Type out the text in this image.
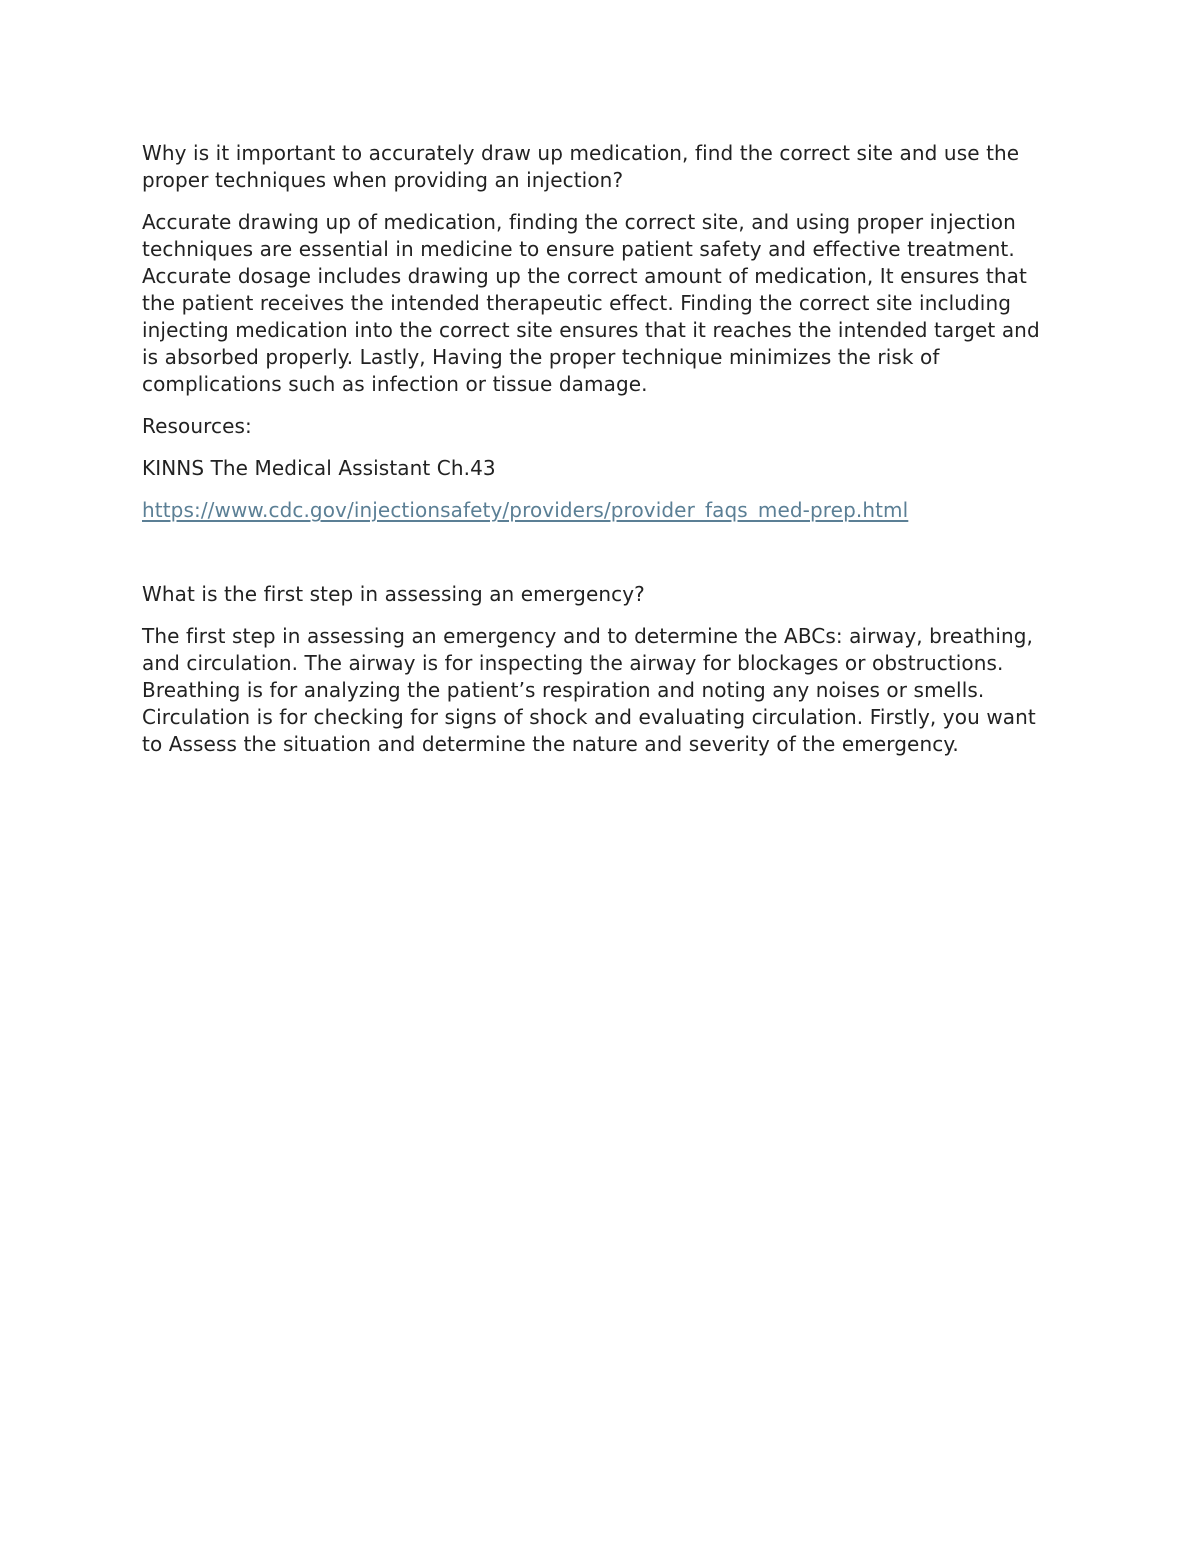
Why is it important to accurately draw up medication, find the correct site and use the proper techniques when providing an injection?

Accurate drawing up of medication, finding the correct site, and using proper injection techniques are essential in medicine to ensure patient safety and effective treatment. Accurate dosage includes drawing up the correct amount of medication, It ensures that the patient receives the intended therapeutic effect. Finding the correct site including injecting medication into the correct site ensures that it reaches the intended target and is absorbed properly. Lastly, Having the proper technique minimizes the risk of complications such as infection or tissue damage.

Resources:

KINNS The Medical Assistant Ch.43

https://www.cdc.gov/injectionsafety/providers/provider_faqs_med-prep.html

What is the first step in assessing an emergency?

The first step in assessing an emergency and to determine the ABCs: airway, breathing, and circulation. The airway is for inspecting the airway for blockages or obstructions. Breathing is for analyzing the patient’s respiration and noting any noises or smells. Circulation is for checking for signs of shock and evaluating circulation. Firstly, you want to Assess the situation and determine the nature and severity of the emergency.
